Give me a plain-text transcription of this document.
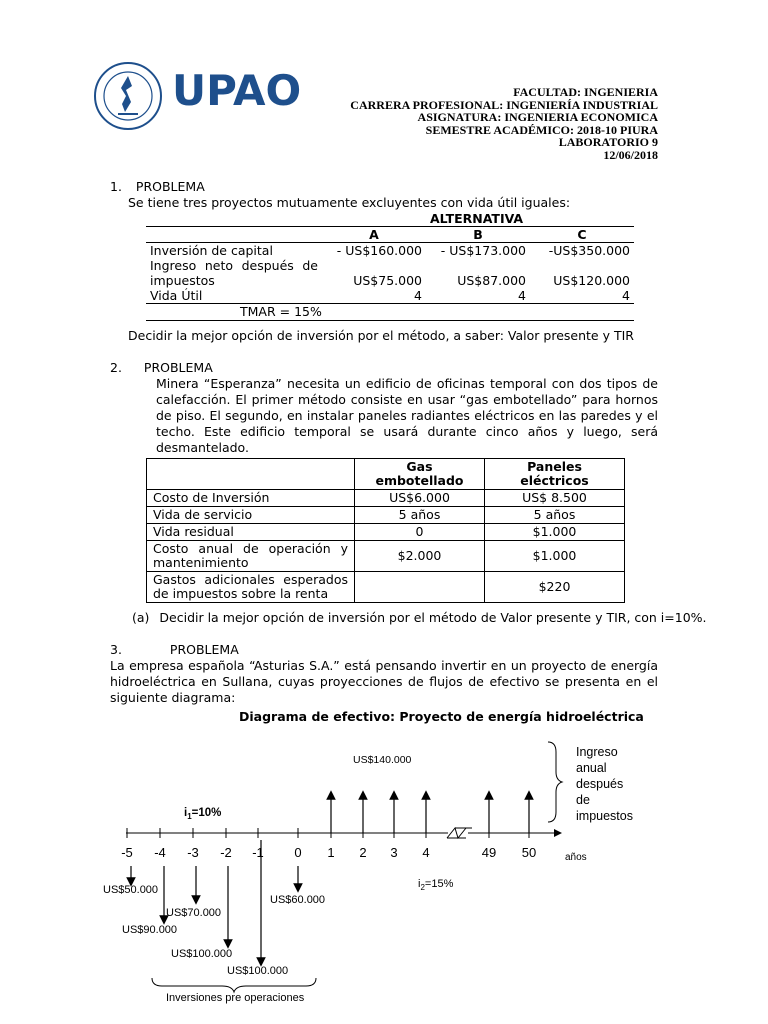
UPAO	FACULTAD: INGENIERIA
CARRERA PROFESIONAL: INGENIERÍA INDUSTRIAL
ASIGNATURA: INGENIERIA ECONOMICA
SEMESTRE ACADÉMICO: 2018-10 PIURA
LABORATORIO 9
12/06/2018
1. PROBLEMA
Se tiene tres proyectos mutuamente excluyentes con vida útil iguales:
ALTERNATIVA
	A	B	C
Inversión de capital	- US$160.000	- US$173.000	-US$350.000
Ingreso neto después de impuestos	US$75.000	US$87.000	US$120.000
Vida Útil	4	4	4
TMAR = 15%
Decidir la mejor opción de inversión por el método, a saber: Valor presente y TIR
2. PROBLEMA
Minera “Esperanza” necesita un edificio de oficinas temporal con dos tipos de calefacción. El primer método consiste en usar “gas embotellado” para hornos de piso. El segundo, en instalar paneles radiantes eléctricos en las paredes y el techo. Este edificio temporal se usará durante cinco años y luego, será desmantelado.
	Gas embotellado	Paneles eléctricos
Costo de Inversión	US$6.000	US$ 8.500
Vida de servicio	5 años	5 años
Vida residual	0	$1.000
Costo anual de operación y mantenimiento	$2.000	$1.000
Gastos adicionales esperados de impuestos sobre la renta		$220
(a) Decidir la mejor opción de inversión por el método de Valor presente y TIR, con i=10%.
3.	PROBLEMA
La empresa española “Asturias S.A.” está pensando invertir en un proyecto de energía hidroeléctrica en Sullana, cuyas proyecciones de flujos de efectivo se presenta en el siguiente diagrama:
Diagrama de efectivo: Proyecto de energía hidroeléctrica
-5 -4 -3 -2 -1 0 1 2 3 4	49 50	años
US$140.000
Ingreso
anual
después
de
impuestos
$i_1=10\%$
$i_2=15\%$
US$50.000
US$90.000
US$70.000
US$100.000
US$100.000
US$60.000
Inversiones pre operaciones
